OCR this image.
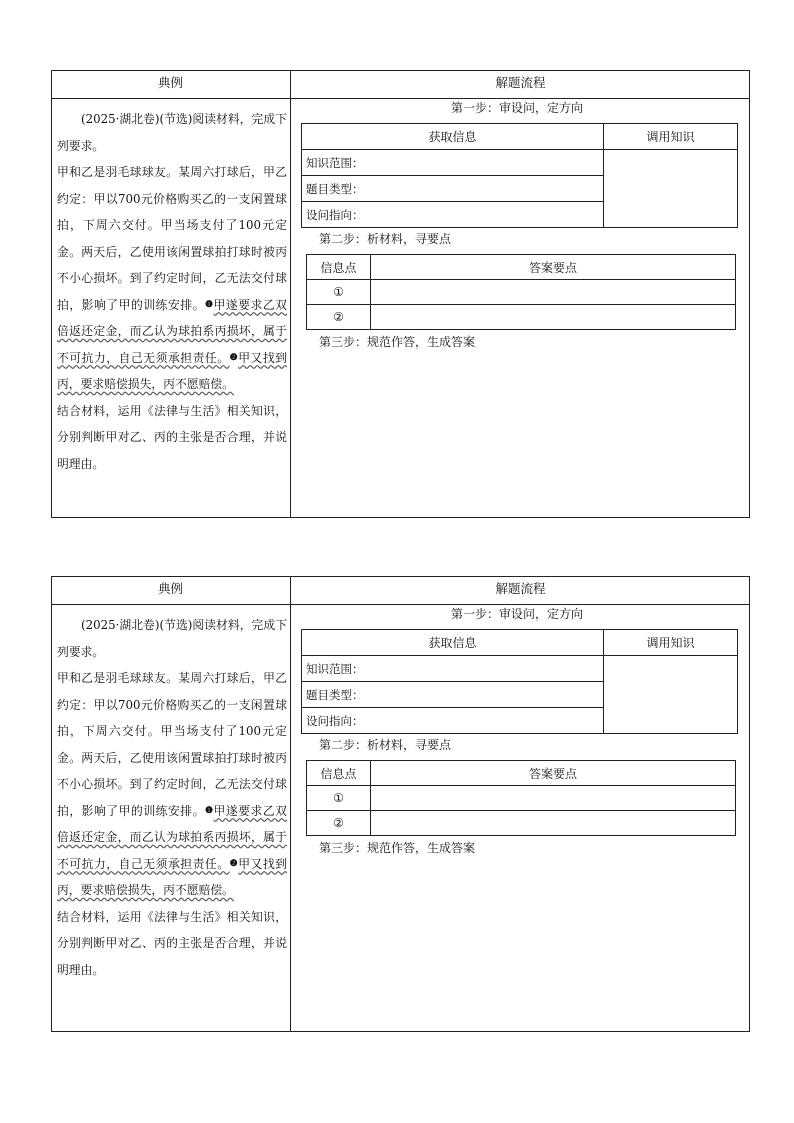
典例	解题流程

(2025·湖北卷)(节选)阅读材料，完成下列要求。

甲和乙是羽毛球球友。某周六打球后，甲乙约定：甲以700元价格购买乙的一支闲置球拍，下周六交付。甲当场支付了100元定金。两天后，乙使用该闲置球拍打球时被丙不小心损坏。到了约定时间，乙无法交付球拍，影响了甲的训练安排。❶甲遂要求乙双倍返还定金，而乙认为球拍系丙损坏，属于不可抗力，自己无须承担责任。❷甲又找到丙，要求赔偿损失，丙不愿赔偿。

结合材料，运用《法律与生活》相关知识，分别判断甲对乙、丙的主张是否合理，并说明理由。

第一步：审设问，定方向
获取信息	调用知识
知识范围：	
题目类型：	
设问指向：	
第二步：析材料，寻要点
信息点	答案要点
①	
②	
第三步：规范作答，生成答案
典例	解题流程

(2025·湖北卷)(节选)阅读材料，完成下列要求。

甲和乙是羽毛球球友。某周六打球后，甲乙约定：甲以700元价格购买乙的一支闲置球拍，下周六交付。甲当场支付了100元定金。两天后，乙使用该闲置球拍打球时被丙不小心损坏。到了约定时间，乙无法交付球拍，影响了甲的训练安排。❶甲遂要求乙双倍返还定金，而乙认为球拍系丙损坏，属于不可抗力，自己无须承担责任。❷甲又找到丙，要求赔偿损失，丙不愿赔偿。

结合材料，运用《法律与生活》相关知识，分别判断甲对乙、丙的主张是否合理，并说明理由。

第一步：审设问，定方向
获取信息	调用知识
知识范围：	
题目类型：	
设问指向：	
第二步：析材料，寻要点
信息点	答案要点
①	
②	
第三步：规范作答，生成答案
